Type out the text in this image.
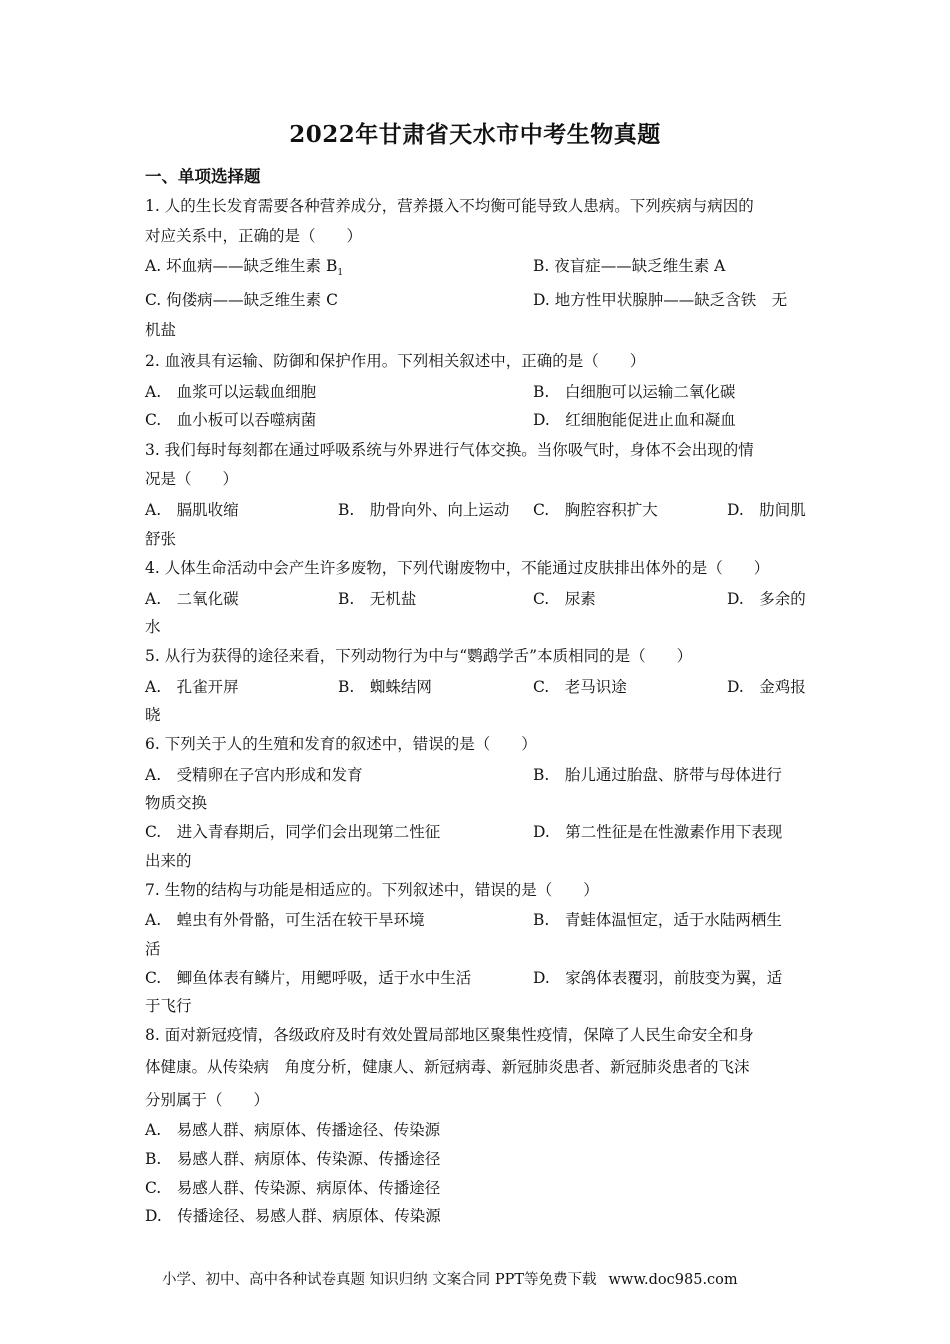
2022年甘肃省天水市中考生物真题
一、单项选择题
1. 人的生长发育需要各种营养成分，营养摄入不均衡可能导致人患病。下列疾病与病因的
对应关系中，正确的是（　　）
A. 坏血病——缺乏维生素 $B_1$	B. 夜盲症——缺乏维生素 A
C. 佝偻病——缺乏维生素 C	D. 地方性甲状腺肿——缺乏含铁　无
机盐
2. 血液具有运输、防御和保护作用。下列相关叙述中，正确的是（　　）
A.　血浆可以运载血细胞	B.　白细胞可以运输二氧化碳
C.　血小板可以吞噬病菌	D.　红细胞能促进止血和凝血
3. 我们每时每刻都在通过呼吸系统与外界进行气体交换。当你吸气时，身体不会出现的情
况是（　　）
A.　膈肌收缩	B.　肋骨向外、向上运动 C.　胸腔容积扩大	D.　肋间肌
舒张
4. 人体生命活动中会产生许多废物，下列代谢废物中，不能通过皮肤排出体外的是（　　）
A.　二氧化碳	B.　无机盐	C.　尿素	D.　多余的
水
5. 从行为获得的途径来看，下列动物行为中与“鹦鹉学舌”本质相同的是（　　）
A.　孔雀开屏	B.　蜘蛛结网	C.　老马识途	D.　金鸡报
晓
6. 下列关于人的生殖和发育的叙述中，错误的是（　　）
A.　受精卵在子宫内形成和发育	B.　胎儿通过胎盘、脐带与母体进行
物质交换
C.　进入青春期后，同学们会出现第二性征	D.　第二性征是在性激素作用下表现
出来的
7. 生物的结构与功能是相适应的。下列叙述中，错误的是（　　）
A.　蝗虫有外骨骼，可生活在较干旱环境	B.　青蛙体温恒定，适于水陆两栖生
活
C.　鲫鱼体表有鳞片，用鳃呼吸，适于水中生活	D.　家鸽体表覆羽，前肢变为翼，适
于飞行
8. 面对新冠疫情，各级政府及时有效处置局部地区聚集性疫情，保障了人民生命安全和身
体健康。从传染病　角度分析，健康人、新冠病毒、新冠肺炎患者、新冠肺炎患者的飞沫
分别属于（　　）
A.　易感人群、病原体、传播途径、传染源
B.　易感人群、病原体、传染源、传播途径
C.　易感人群、传染源、病原体、传播途径
D.　传播途径、易感人群、病原体、传染源
小学、初中、高中各种试卷真题 知识归纳 文案合同 PPT等免费下载 www.doc985.com
